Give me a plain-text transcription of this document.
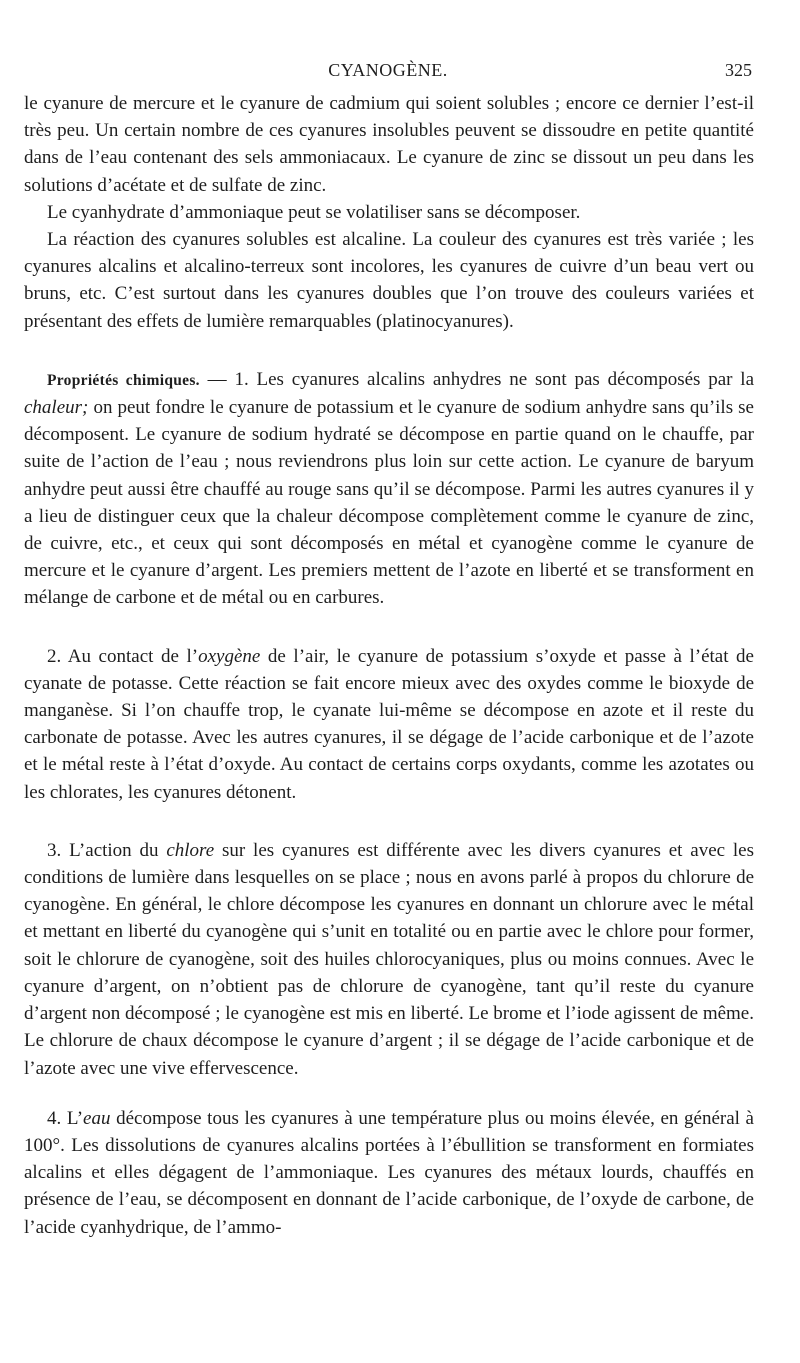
CYANOGÈNE.	325

le cyanure de mercure et le cyanure de cadmium qui soient solubles ; encore ce dernier l’est-il très peu. Un certain nombre de ces cyanures insolubles peuvent se dissoudre en petite quantité dans de l’eau contenant des sels ammoniacaux. Le cyanure de zinc se dissout un peu dans les solutions d’acétate et de sulfate de zinc.

Le cyanhydrate d’ammoniaque peut se volatiliser sans se décomposer.

La réaction des cyanures solubles est alcaline. La couleur des cyanures est très variée ; les cyanures alcalins et alcalino-terreux sont incolores, les cyanures de cuivre d’un beau vert ou bruns, etc. C’est surtout dans les cyanures doubles que l’on trouve des couleurs variées et présentant des effets de lumière remarquables (platinocyanures).

Propriétés chimiques. — 1. Les cyanures alcalins anhydres ne sont pas décomposés par la chaleur; on peut fondre le cyanure de potassium et le cyanure de sodium anhydre sans qu’ils se décomposent. Le cyanure de sodium hydraté se décompose en partie quand on le chauffe, par suite de l’action de l’eau ; nous reviendrons plus loin sur cette action. Le cyanure de baryum anhydre peut aussi être chauffé au rouge sans qu’il se décompose. Parmi les autres cyanures il y a lieu de distinguer ceux que la chaleur décompose complètement comme le cyanure de zinc, de cuivre, etc., et ceux qui sont décomposés en métal et cyanogène comme le cyanure de mercure et le cyanure d’argent. Les premiers mettent de l’azote en liberté et se transforment en mélange de carbone et de métal ou en carbures.

2. Au contact de l’oxygène de l’air, le cyanure de potassium s’oxyde et passe à l’état de cyanate de potasse. Cette réaction se fait encore mieux avec des oxydes comme le bioxyde de manganèse. Si l’on chauffe trop, le cyanate lui-même se décompose en azote et il reste du carbonate de potasse. Avec les autres cyanures, il se dégage de l’acide carbonique et de l’azote et le métal reste à l’état d’oxyde. Au contact de certains corps oxydants, comme les azotates ou les chlorates, les cyanures détonent.

3. L’action du chlore sur les cyanures est différente avec les divers cyanures et avec les conditions de lumière dans lesquelles on se place ; nous en avons parlé à propos du chlorure de cyanogène. En général, le chlore décompose les cyanures en donnant un chlorure avec le métal et mettant en liberté du cyanogène qui s’unit en totalité ou en partie avec le chlore pour former, soit le chlorure de cyanogène, soit des huiles chlorocyaniques, plus ou moins connues. Avec le cyanure d’argent, on n’obtient pas de chlorure de cyanogène, tant qu’il reste du cyanure d’argent non décomposé ; le cyanogène est mis en liberté. Le brome et l’iode agissent de même. Le chlorure de chaux décompose le cyanure d’argent ; il se dégage de l’acide carbonique et de l’azote avec une vive effervescence.

4. L’eau décompose tous les cyanures à une température plus ou moins élevée, en général à 100°. Les dissolutions de cyanures alcalins portées à l’ébullition se transforment en formiates alcalins et elles dégagent de l’ammoniaque. Les cyanures des métaux lourds, chauffés en présence de l’eau, se décomposent en donnant de l’acide carbonique, de l’oxyde de carbone, de l’acide cyanhydrique, de l’ammo-
